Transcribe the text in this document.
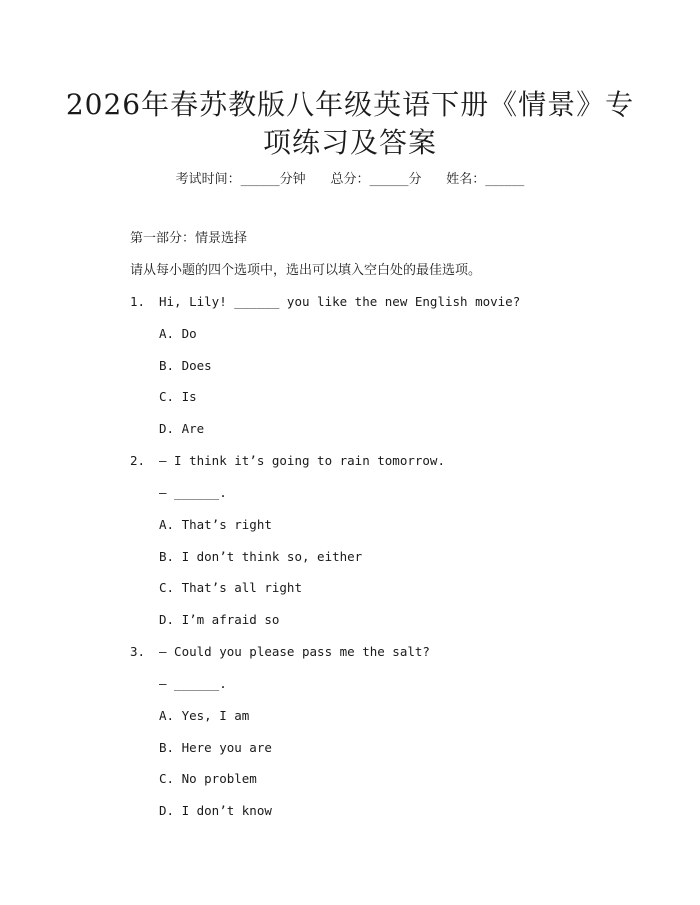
2026年春苏教版八年级英语下册《情景》专
项练习及答案
考试时间：______分钟 总分：______分 姓名：______
第一部分：情景选择
请从每小题的四个选项中，选出可以填入空白处的最佳选项。
1. Hi, Lily! ______ you like the new English movie?
A. Do
B. Does
C. Is
D. Are
2. — I think it’s going to rain tomorrow.
— ______.
A. That’s right
B. I don’t think so, either
C. That’s all right
D. I’m afraid so
3. — Could you please pass me the salt?
— ______.
A. Yes, I am
B. Here you are
C. No problem
D. I don’t know
